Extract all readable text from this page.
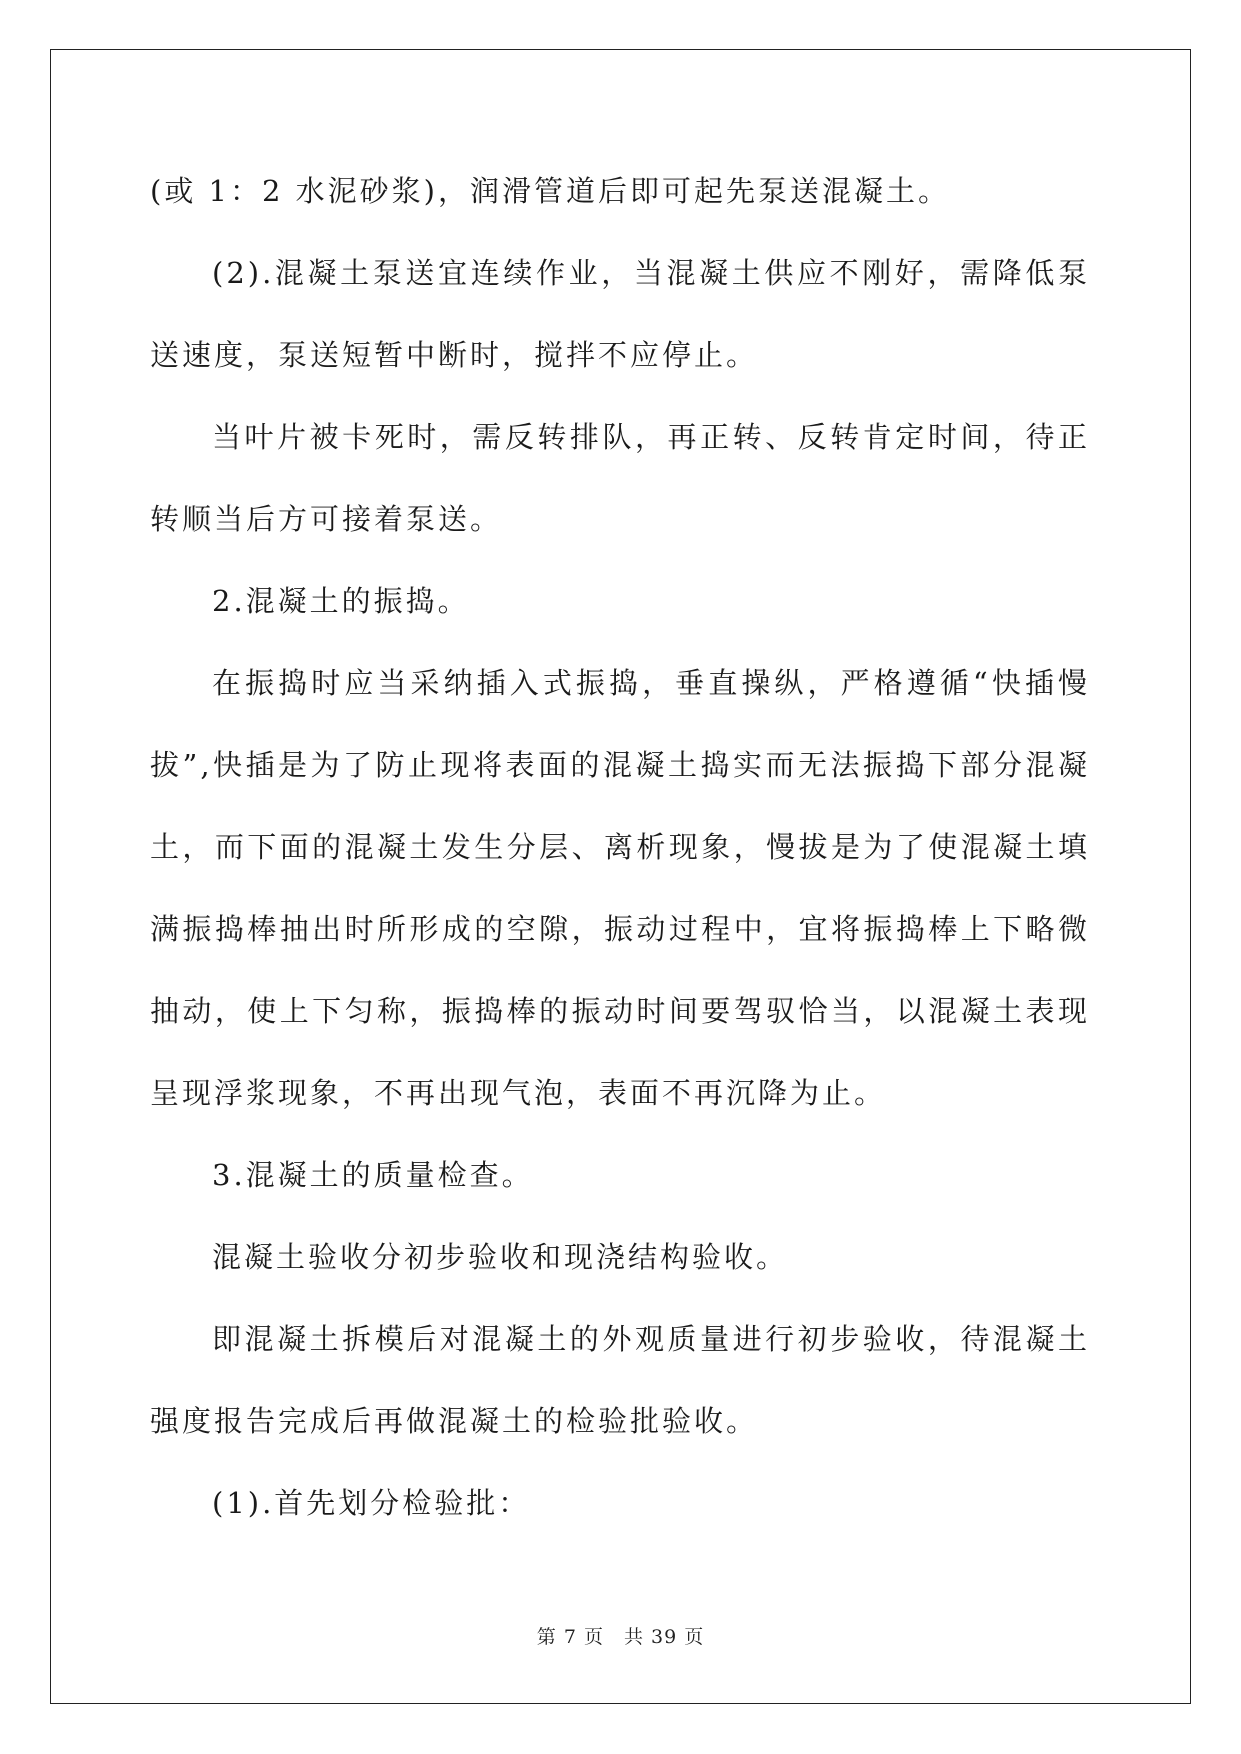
(或 1：2 水泥砂浆)，润滑管道后即可起先泵送混凝土。

(2).混凝土泵送宜连续作业，当混凝土供应不刚好，需降低泵送速度，泵送短暂中断时，搅拌不应停止。

当叶片被卡死时，需反转排队，再正转、反转肯定时间，待正转顺当后方可接着泵送。

2.混凝土的振捣。

在振捣时应当采纳插入式振捣，垂直操纵，严格遵循“快插慢拔”,快插是为了防止现将表面的混凝土捣实而无法振捣下部分混凝土，而下面的混凝土发生分层、离析现象，慢拔是为了使混凝土填满振捣棒抽出时所形成的空隙，振动过程中，宜将振捣棒上下略微抽动，使上下匀称，振捣棒的振动时间要驾驭恰当，以混凝土表现呈现浮浆现象，不再出现气泡，表面不再沉降为止。

3.混凝土的质量检查。

混凝土验收分初步验收和现浇结构验收。

即混凝土拆模后对混凝土的外观质量进行初步验收，待混凝土强度报告完成后再做混凝土的检验批验收。

(1).首先划分检验批：

第 7 页　共 39 页
